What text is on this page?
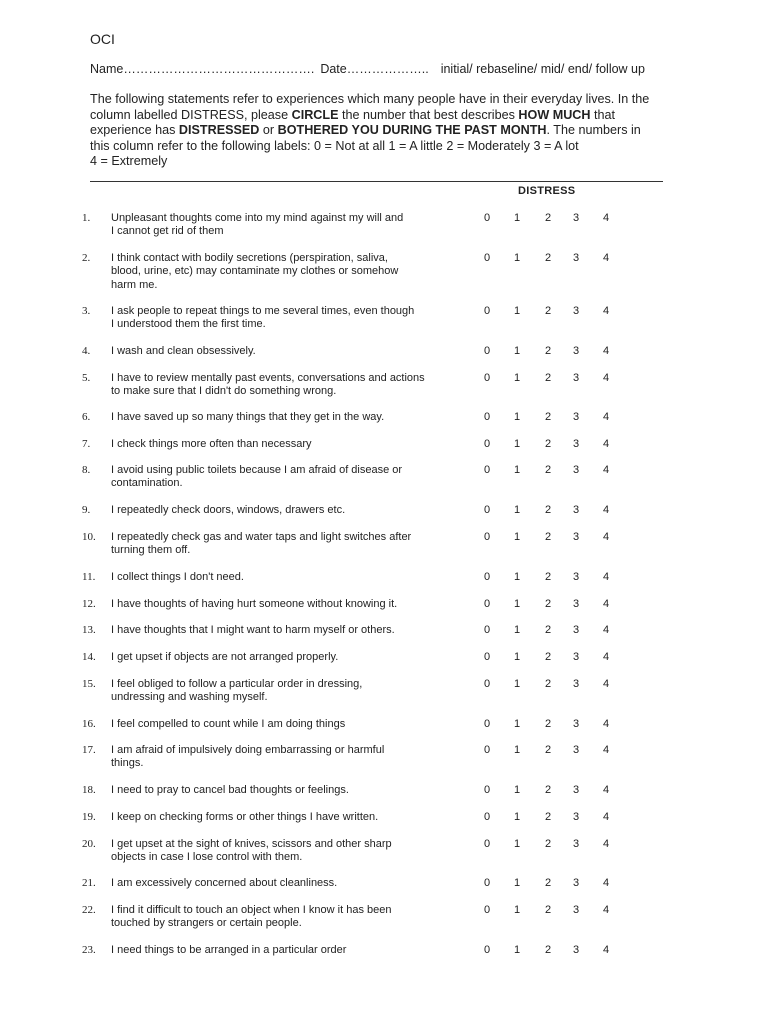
OCI
Name………………………………………. Date……………….. initial/ rebaseline/ mid/ end/ follow up
The following statements refer to experiences which many people have in their everyday lives. In the
column labelled DISTRESS, please CIRCLE the number that best describes HOW MUCH that
experience has DISTRESSED or BOTHERED YOU DURING THE PAST MONTH. The numbers in
this column refer to the following labels: 0 = Not at all 1 = A little 2 = Moderately 3 = A lot
4 = Extremely
DISTRESS
1.	Unpleasant thoughts come into my mind against my will and
I cannot get rid of them
0 1 2 3 4
2.	I think contact with bodily secretions (perspiration, saliva,
blood, urine, etc) may contaminate my clothes or somehow
harm me.
0 1 2 3 4
3.	I ask people to repeat things to me several times, even though
I understood them the first time.
0 1 2 3 4
4.	I wash and clean obsessively.	0 1 2 3 4
5.	I have to review mentally past events, conversations and actions
to make sure that I didn't do something wrong.
0 1 2 3 4
6.	I have saved up so many things that they get in the way.	0 1 2 3 4
7.	I check things more often than necessary	0 1 2 3 4
8.	I avoid using public toilets because I am afraid of disease or
contamination.
0 1 2 3 4
9.	I repeatedly check doors, windows, drawers etc.	0 1 2 3 4
10.	I repeatedly check gas and water taps and light switches after
turning them off.
0 1 2 3 4
11.	I collect things I don't need.	0 1 2 3 4
12.	I have thoughts of having hurt someone without knowing it.	0 1 2 3 4
13.	I have thoughts that I might want to harm myself or others.	0 1 2 3 4
14.	I get upset if objects are not arranged properly.	0 1 2 3 4
15.	I feel obliged to follow a particular order in dressing,
undressing and washing myself.
0 1 2 3 4
16.	I feel compelled to count while I am doing things	0 1 2 3 4
17.	I am afraid of impulsively doing embarrassing or harmful
things.
0 1 2 3 4
18.	I need to pray to cancel bad thoughts or feelings.	0 1 2 3 4
19.	I keep on checking forms or other things I have written.	0 1 2 3 4
20.	I get upset at the sight of knives, scissors and other sharp
objects in case I lose control with them.
0 1 2 3 4
21.	I am excessively concerned about cleanliness.	0 1 2 3 4
22.	I find it difficult to touch an object when I know it has been
touched by strangers or certain people.
0 1 2 3 4
23.	I need things to be arranged in a particular order	0 1 2 3 4
